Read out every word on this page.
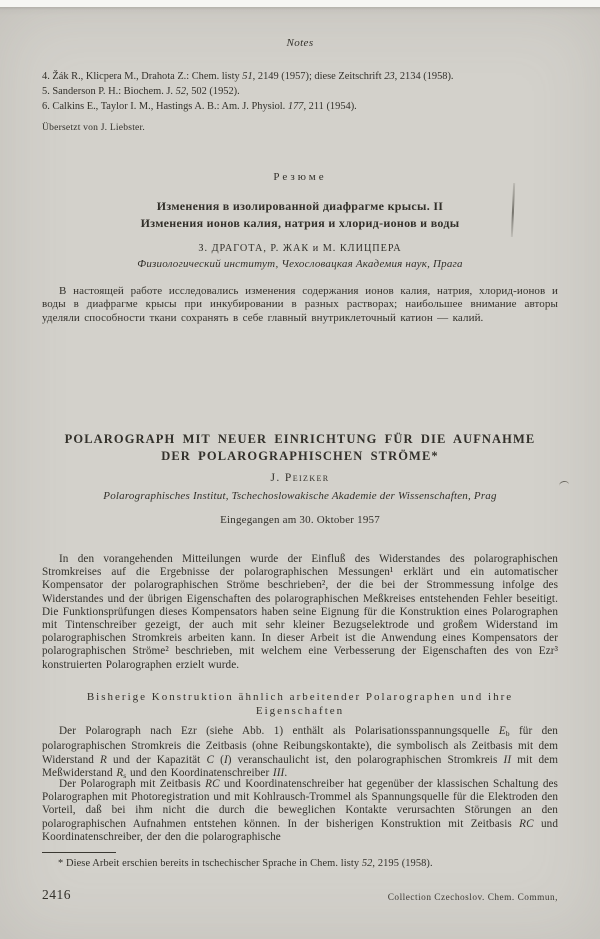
Notes
4. Žák R., Klicpera M., Drahota Z.: Chem. listy 51, 2149 (1957); diese Zeitschrift 23, 2134 (1958).
5. Sanderson P. H.: Biochem. J. 52, 502 (1952).
6. Calkins E., Taylor I. M., Hastings A. B.: Am. J. Physiol. 177, 211 (1954).
Übersetzt von J. Liebster.
Резюме
Изменения в изолированной диафрагме крысы. II
Изменения ионов калия, натрия и хлорид-ионов и воды
З. ДРАГОТА, Р. ЖАК и М. КЛИЦПЕРА
Физиологический институт, Чехословацкая Академия наук, Прага
В настоящей работе исследовались изменения содержания ионов калия, натрия, хлорид-ионов и воды в диафрагме крысы при инкубировании в разных растворах; наибольшее внимание авторы уделяли способности ткани сохранять в себе главный внутриклеточный катион — калий.
POLAROGRAPH MIT NEUER EINRICHTUNG FÜR DIE AUFNAHME
DER POLAROGRAPHISCHEN STRÖME*
J. Peizker
Polarographisches Institut, Tschechoslowakische Akademie der Wissenschaften, Prag
Eingegangen am 30. Oktober 1957
In den vorangehenden Mitteilungen wurde der Einfluß des Widerstandes des polarographischen Stromkreises auf die Ergebnisse der polarographischen Messungen¹ erklärt und ein automatischer Kompensator der polarographischen Ströme beschrieben², der die bei der Strommessung infolge des Widerstandes und der übrigen Eigenschaften des polarographischen Meßkreises entstehenden Fehler beseitigt. Die Funktionsprüfungen dieses Kompensators haben seine Eignung für die Konstruktion eines Polarographen mit Tintenschreiber gezeigt, der auch mit sehr kleiner Bezugselektrode und großem Widerstand im polarographischen Stromkreis arbeiten kann. In dieser Arbeit ist die Anwendung eines Kompensators der polarographischen Ströme² beschrieben, mit welchem eine Verbesserung der Eigenschaften des von Ezr³ konstruierten Polarographen erzielt wurde.
Bisherige Konstruktion ähnlich arbeitender Polarographen und ihre
Eigenschaften
Der Polarograph nach Ezr (siehe Abb. 1) enthält als Polarisationsspannungsquelle $E_b$ für den polarographischen Stromkreis die Zeitbasis (ohne Reibungskontakte), die symbolisch als Zeitbasis mit dem Widerstand R und der Kapazität C (I) veranschaulicht ist, den polarographischen Stromkreis II mit dem Meßwiderstand $R_s$ und den Koordinatenschreiber III.
Der Polarograph mit Zeitbasis RC und Koordinatenschreiber hat gegenüber der klassischen Schaltung des Polarographen mit Photoregistration und mit Kohlrausch-Trommel als Spannungsquelle für die Elektroden den Vorteil, daß bei ihm nicht die durch die beweglichen Kontakte verursachten Störungen an den polarographischen Aufnahmen entstehen können. In der bisherigen Konstruktion mit Zeitbasis RC und Koordinatenschreiber, der den die polarographische
* Diese Arbeit erschien bereits in tschechischer Sprache in Chem. listy 52, 2195 (1958).
2416	Collection Czechoslov. Chem. Commun,
